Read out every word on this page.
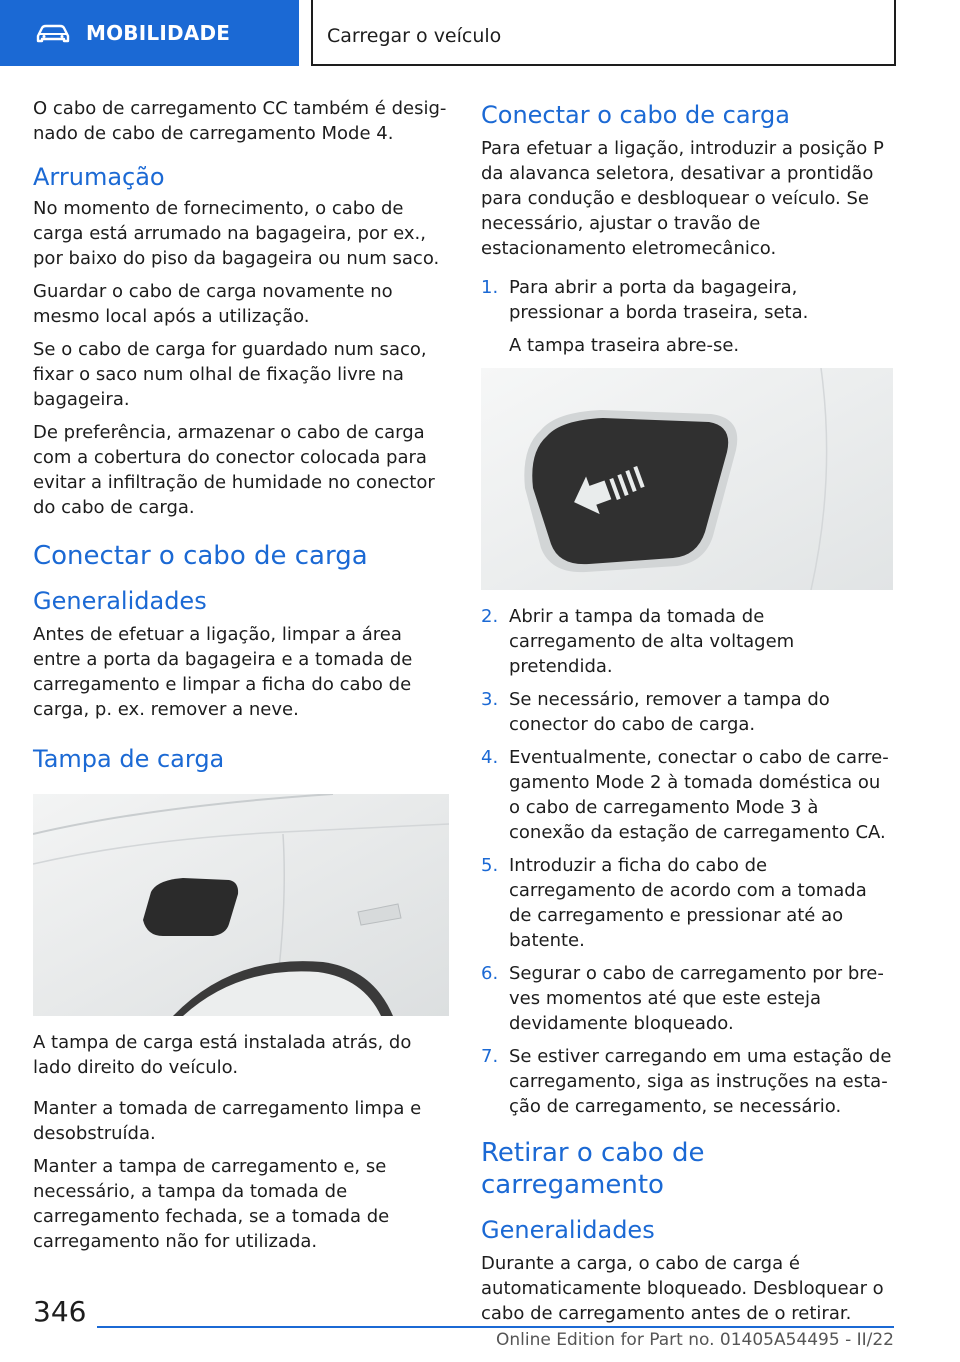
MOBILIDADE	Carregar o veículo

O cabo de carregamento CC também é designado de cabo de carregamento Mode 4.

Arrumação

No momento de fornecimento, o cabo de carga está arrumado na bagageira, por ex., por baixo do piso da bagageira ou num saco.

Guardar o cabo de carga novamente no mesmo local após a utilização.

Se o cabo de carga for guardado num saco, fixar o saco num olhal de fixação livre na bagageira.

De preferência, armazenar o cabo de carga com a cobertura do conector colocada para evitar a infiltração de humidade no conector do cabo de carga.

Conectar o cabo de carga
Generalidades

Antes de efetuar a ligação, limpar a área entre a porta da bagageira e a tomada de carregamento e limpar a ficha do cabo de carga, p. ex. remover a neve.

Tampa de carga

A tampa de carga está instalada atrás, do lado direito do veículo.

Manter a tomada de carregamento limpa e desobstruída.

Manter a tampa de carregamento e, se necessário, a tampa da tomada de carregamento fechada, se a tomada de carregamento não for utilizada.

Conectar o cabo de carga

Para efetuar a ligação, introduzir a posição P da alavanca seletora, desativar a prontidão para condução e desbloquear o veículo. Se necessário, ajustar o travão de estacionamento eletromecânico.

1. Para abrir a porta da bagageira, pressionar a borda traseira, seta.

A tampa traseira abre-se.

2. Abrir a tampa da tomada de carregamento de alta voltagem pretendida.
3. Se necessário, remover a tampa do conector do cabo de carga.
4. Eventualmente, conectar o cabo de carregamento Mode 2 à tomada doméstica ou o cabo de carregamento Mode 3 à conexão da estação de carregamento CA.
5. Introduzir a ficha do cabo de carregamento de acordo com a tomada de carregamento e pressionar até ao batente.
6. Segurar o cabo de carregamento por breves momentos até que este esteja devidamente bloqueado.
7. Se estiver carregando em uma estação de carregamento, siga as instruções na estação de carregamento, se necessário.
Retirar o cabo de carregamento
Generalidades

Durante a carga, o cabo de carga é automaticamente bloqueado. Desbloquear o cabo de carregamento antes de o retirar.

346
Online Edition for Part no. 01405A54495 - II/22
